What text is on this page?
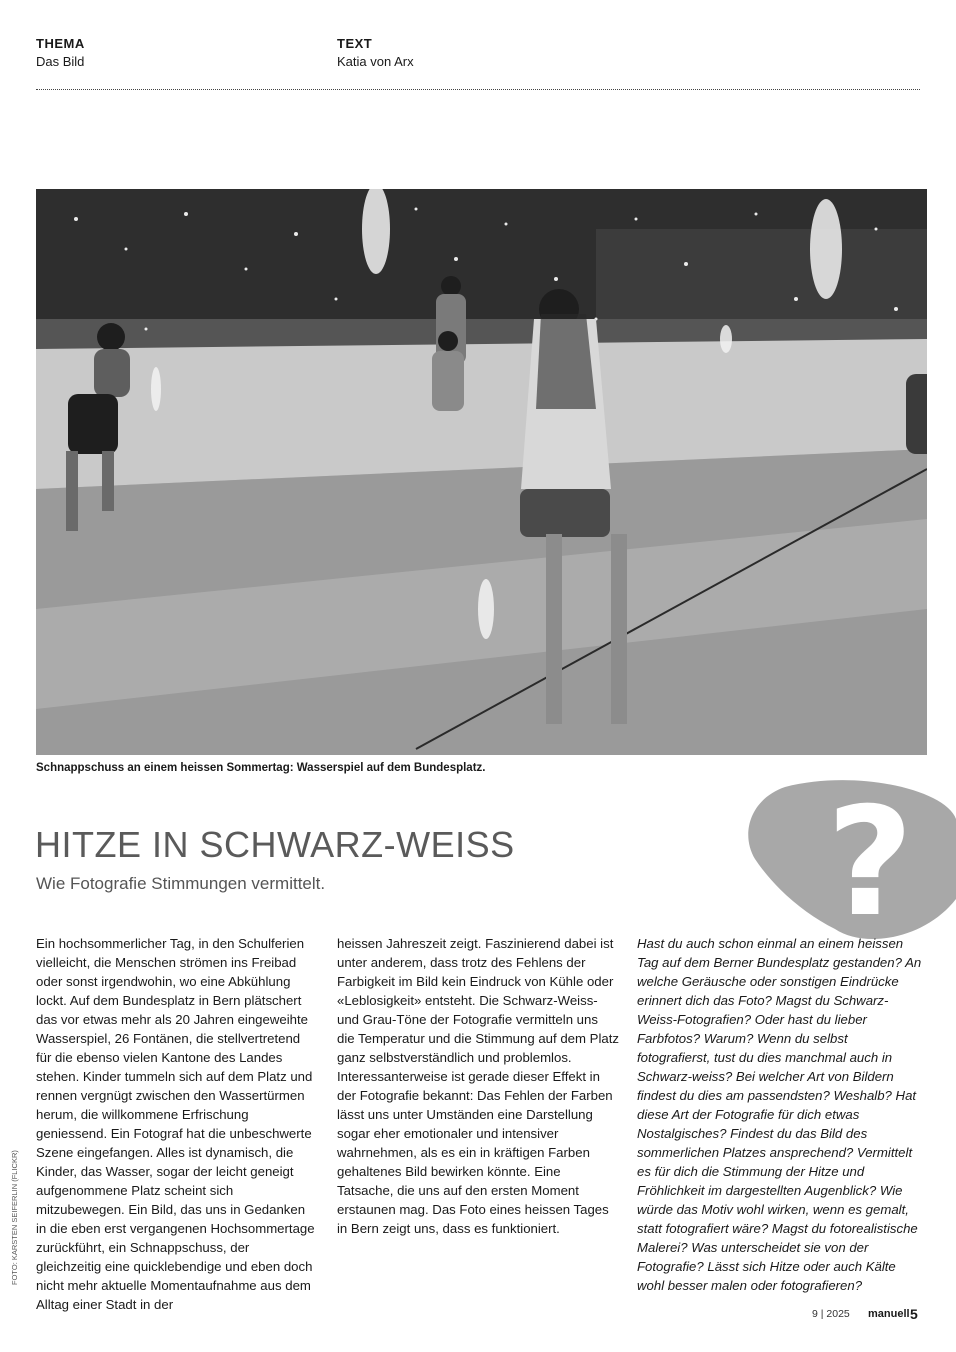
THEMA
Das Bild
TEXT
Katia von Arx
Schnappschuss an einem heissen Sommertag: Wasserspiel auf dem Bundesplatz.
FOTO: KARSTEN SEIFERLIN (FLICKR)
?
HITZE IN SCHWARZ-WEISS

Wie Fotografie Stimmungen vermittelt.

Ein hochsommerlicher Tag, in den Schulferien vielleicht, die Menschen strömen ins Freibad oder sonst irgendwohin, wo eine Abkühlung lockt. Auf dem Bundesplatz in Bern plätschert das vor etwas mehr als 20 Jahren eingeweihte Wasserspiel, 26 Fontänen, die stellvertretend für die ebenso vielen Kantone des Landes stehen. Kinder tummeln sich auf dem Platz und rennen vergnügt zwischen den Wassertürmen herum, die willkommene Erfrischung geniessend. Ein Fotograf hat die unbeschwerte Szene eingefangen. Alles ist dynamisch, die Kinder, das Wasser, sogar der leicht geneigt aufgenommene Platz scheint sich mitzubewegen. Ein Bild, das uns in Gedanken in die eben erst vergangenen Hochsommertage zurückführt, ein Schnappschuss, der gleichzeitig eine quicklebendige und eben doch nicht mehr aktuelle Momentaufnahme aus dem Alltag einer Stadt in der

heissen Jahreszeit zeigt. Faszinierend dabei ist unter anderem, dass trotz des Fehlens der Farbigkeit im Bild kein Eindruck von Kühle oder «Leblosigkeit» entsteht. Die Schwarz-Weiss- und Grau-Töne der Fotografie vermitteln uns die Temperatur und die Stimmung auf dem Platz ganz selbstverständlich und problemlos. Interessanterweise ist gerade dieser Effekt in der Fotografie bekannt: Das Fehlen der Farben lässt uns unter Umständen eine Darstellung sogar eher emotionaler und intensiver wahrnehmen, als es ein in kräftigen Farben gehaltenes Bild bewirken könnte. Eine Tatsache, die uns auf den ersten Moment erstaunen mag. Das Foto eines heissen Tages in Bern zeigt uns, dass es funktioniert.

Hast du auch schon einmal an einem heissen Tag auf dem Berner Bundesplatz gestanden? An welche Geräusche oder sonstigen Eindrücke erinnert dich das Foto? Magst du Schwarz-Weiss-Fotografien? Oder hast du lieber Farbfotos? Warum? Wenn du selbst fotografierst, tust du dies manchmal auch in Schwarz-weiss? Bei welcher Art von Bildern findest du dies am passendsten? Weshalb? Hat diese Art der Fotografie für dich etwas Nostalgisches? Findest du das Bild des sommerlichen Platzes ansprechend? Vermittelt es für dich die Stimmung der Hitze und Fröhlichkeit im dargestellten Augenblick? Wie würde das Motiv wohl wirken, wenn es gemalt, statt fotografiert wäre? Magst du fotorealistische Malerei? Was unterscheidet sie von der Fotografie? Lässt sich Hitze oder auch Kälte wohl besser malen oder fotografieren?

9 | 2025 manuell 5
